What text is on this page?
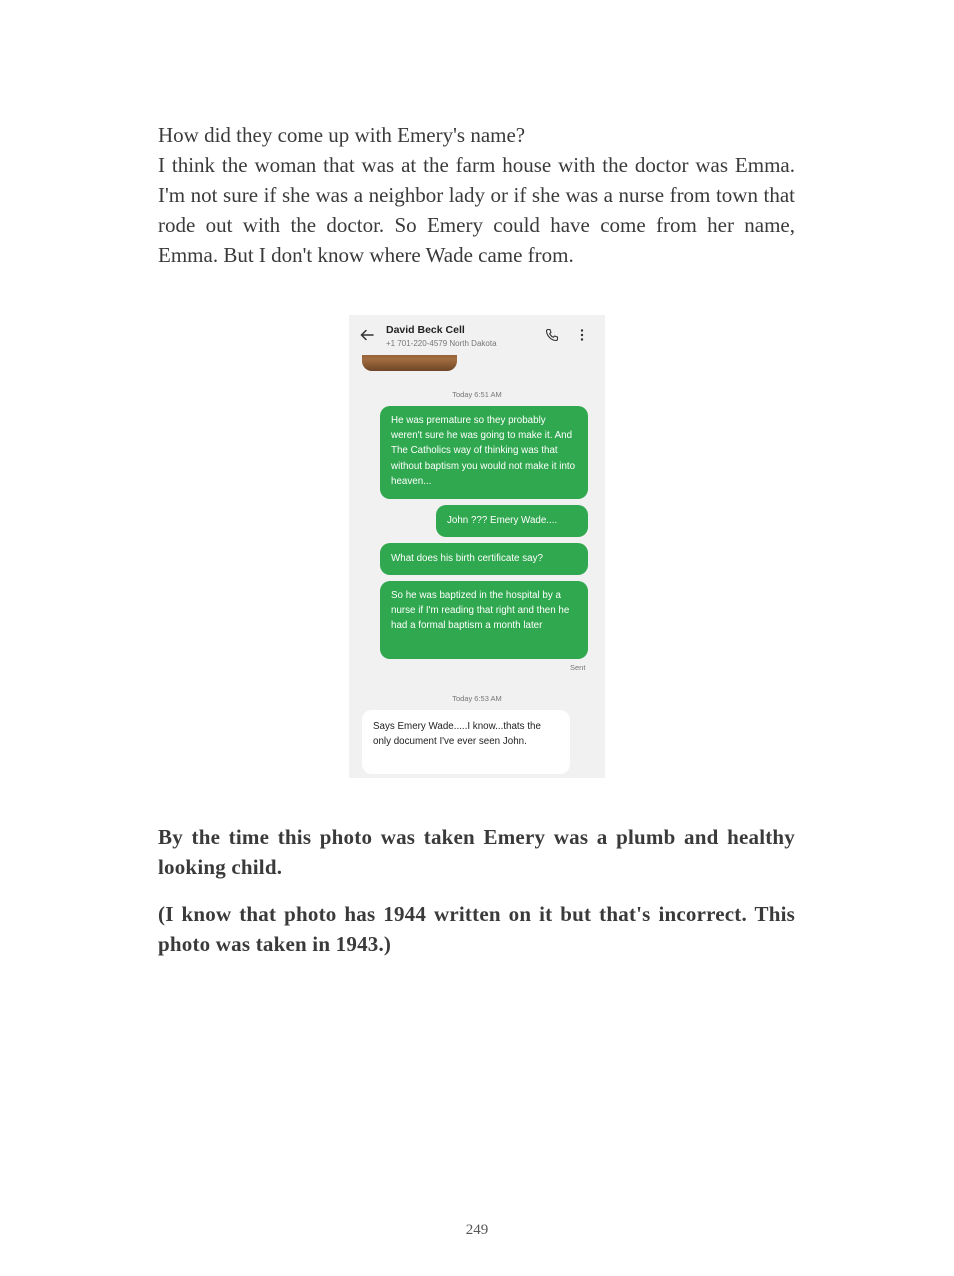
How did they come up with Emery's name?
I think the woman that was at the farm house with the doctor was Emma. I'm not sure if she was a neighbor lady or if she was a nurse from town that rode out with the doctor. So Emery could have come from her name, Emma. But I don't know where Wade came from.
David Beck Cell
+1 701-220-4579 North Dakota
Today 6:51 AM
He was premature so they probably weren't sure he was going to make it. And The Catholics way of thinking was that without baptism you would not make it into heaven...
John ??? Emery Wade....
What does his birth certificate say?
So he was baptized in the hospital by a nurse if I'm reading that right and then he had a formal baptism a month later
Sent
Today 6:53 AM
Says Emery Wade.....I know...thats the only document I've ever seen John.
By the time this photo was taken Emery was a plumb and healthy looking child.
(I know that photo has 1944 written on it but that's incorrect. This photo was taken in 1943.)
249
